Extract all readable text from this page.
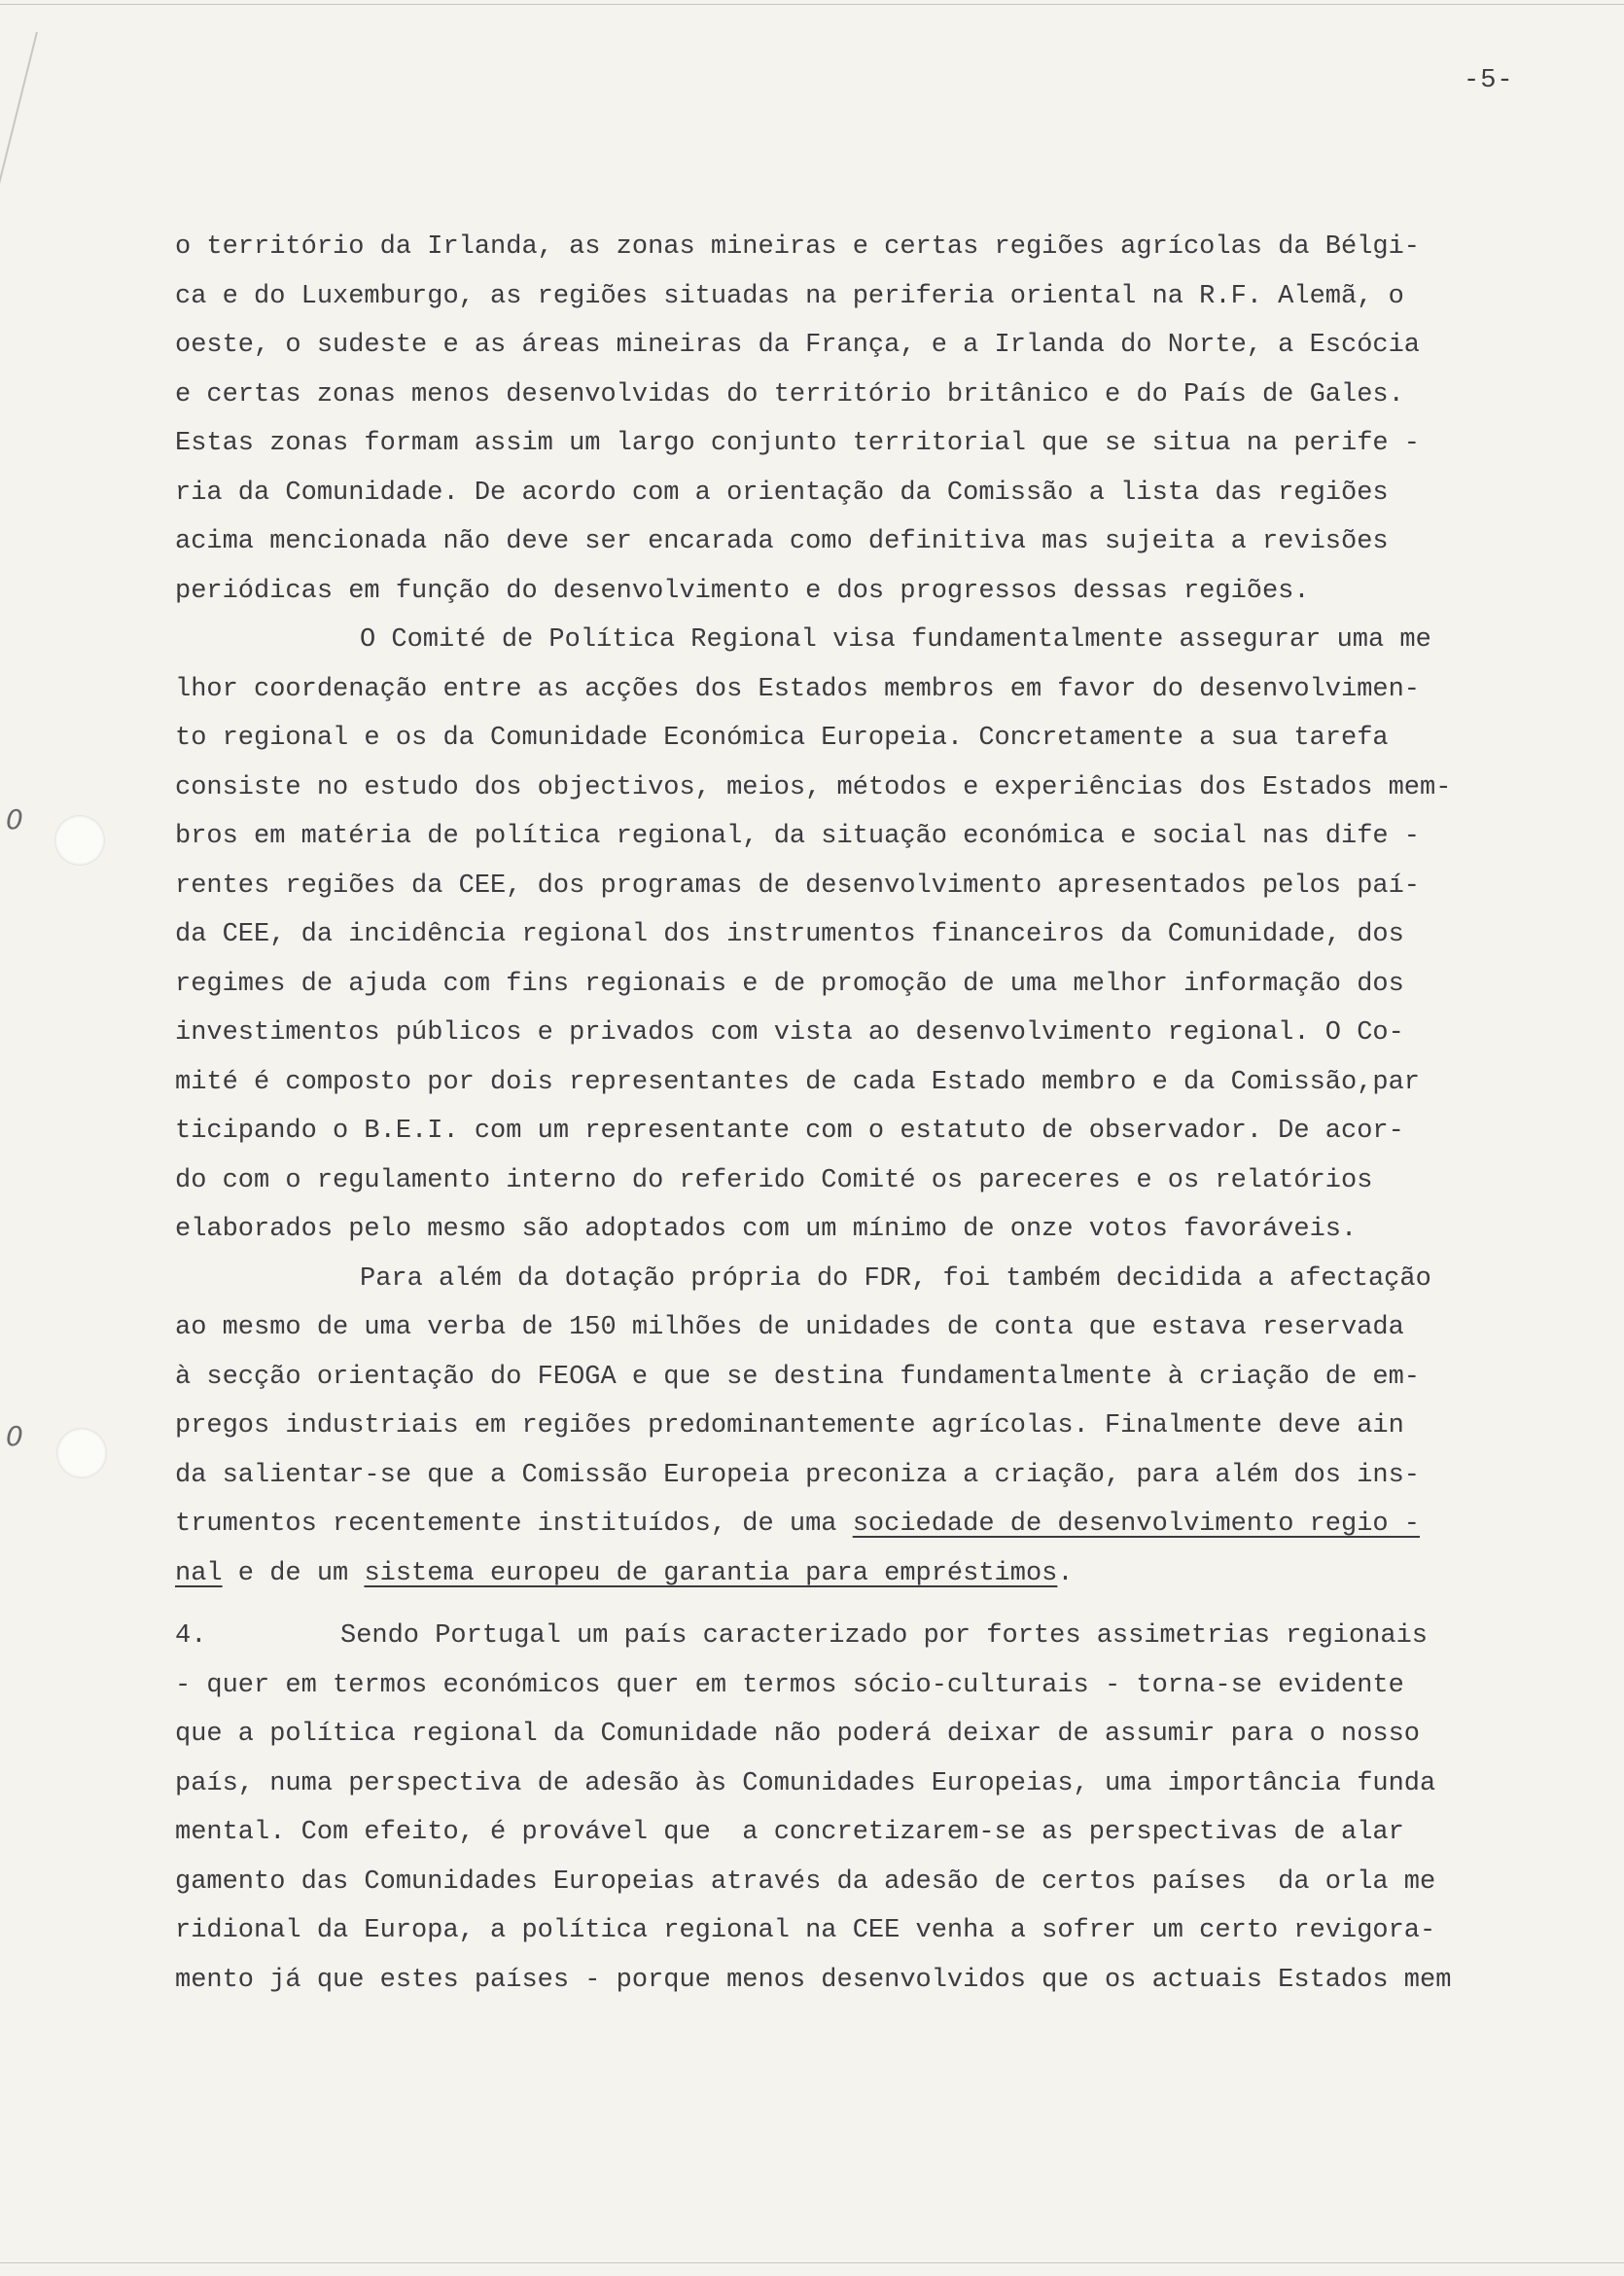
0
0
-5-
o território da Irlanda, as zonas mineiras e certas regiões agrícolas da Bélgi-
ca e do Luxemburgo, as regiões situadas na periferia oriental na R.F. Alemã, o
oeste, o sudeste e as áreas mineiras da França, e a Irlanda do Norte, a Escócia
e certas zonas menos desenvolvidas do território britânico e do País de Gales.
Estas zonas formam assim um largo conjunto territorial que se situa na perife -
ria da Comunidade. De acordo com a orientação da Comissão a lista das regiões
acima mencionada não deve ser encarada como definitiva mas sujeita a revisões
periódicas em função do desenvolvimento e dos progressos dessas regiões.
O Comité de Política Regional visa fundamentalmente assegurar uma me
lhor coordenação entre as acções dos Estados membros em favor do desenvolvimen-
to regional e os da Comunidade Económica Europeia. Concretamente a sua tarefa
consiste no estudo dos objectivos, meios, métodos e experiências dos Estados mem-
bros em matéria de política regional, da situação económica e social nas dife -
rentes regiões da CEE, dos programas de desenvolvimento apresentados pelos paí-
da CEE, da incidência regional dos instrumentos financeiros da Comunidade, dos
regimes de ajuda com fins regionais e de promoção de uma melhor informação dos
investimentos públicos e privados com vista ao desenvolvimento regional. O Co-
mité é composto por dois representantes de cada Estado membro e da Comissão,par
ticipando o B.E.I. com um representante com o estatuto de observador. De acor-
do com o regulamento interno do referido Comité os pareceres e os relatórios
elaborados pelo mesmo são adoptados com um mínimo de onze votos favoráveis.
Para além da dotação própria do FDR, foi também decidida a afectação
ao mesmo de uma verba de 150 milhões de unidades de conta que estava reservada
à secção orientação do FEOGA e que se destina fundamentalmente à criação de em-
pregos industriais em regiões predominantemente agrícolas. Finalmente deve ain
da salientar-se que a Comissão Europeia preconiza a criação, para além dos ins-
trumentos recentemente instituídos, de uma sociedade de desenvolvimento regio -
nal e de um sistema europeu de garantia para empréstimos.
4.	Sendo Portugal um país caracterizado por fortes assimetrias regionais
- quer em termos económicos quer em termos sócio-culturais - torna-se evidente
que a política regional da Comunidade não poderá deixar de assumir para o nosso
país, numa perspectiva de adesão às Comunidades Europeias, uma importância funda
mental. Com efeito, é provável que  a concretizarem-se as perspectivas de alar
gamento das Comunidades Europeias através da adesão de certos países  da orla me
ridional da Europa, a política regional na CEE venha a sofrer um certo revigora-
mento já que estes países - porque menos desenvolvidos que os actuais Estados mem
